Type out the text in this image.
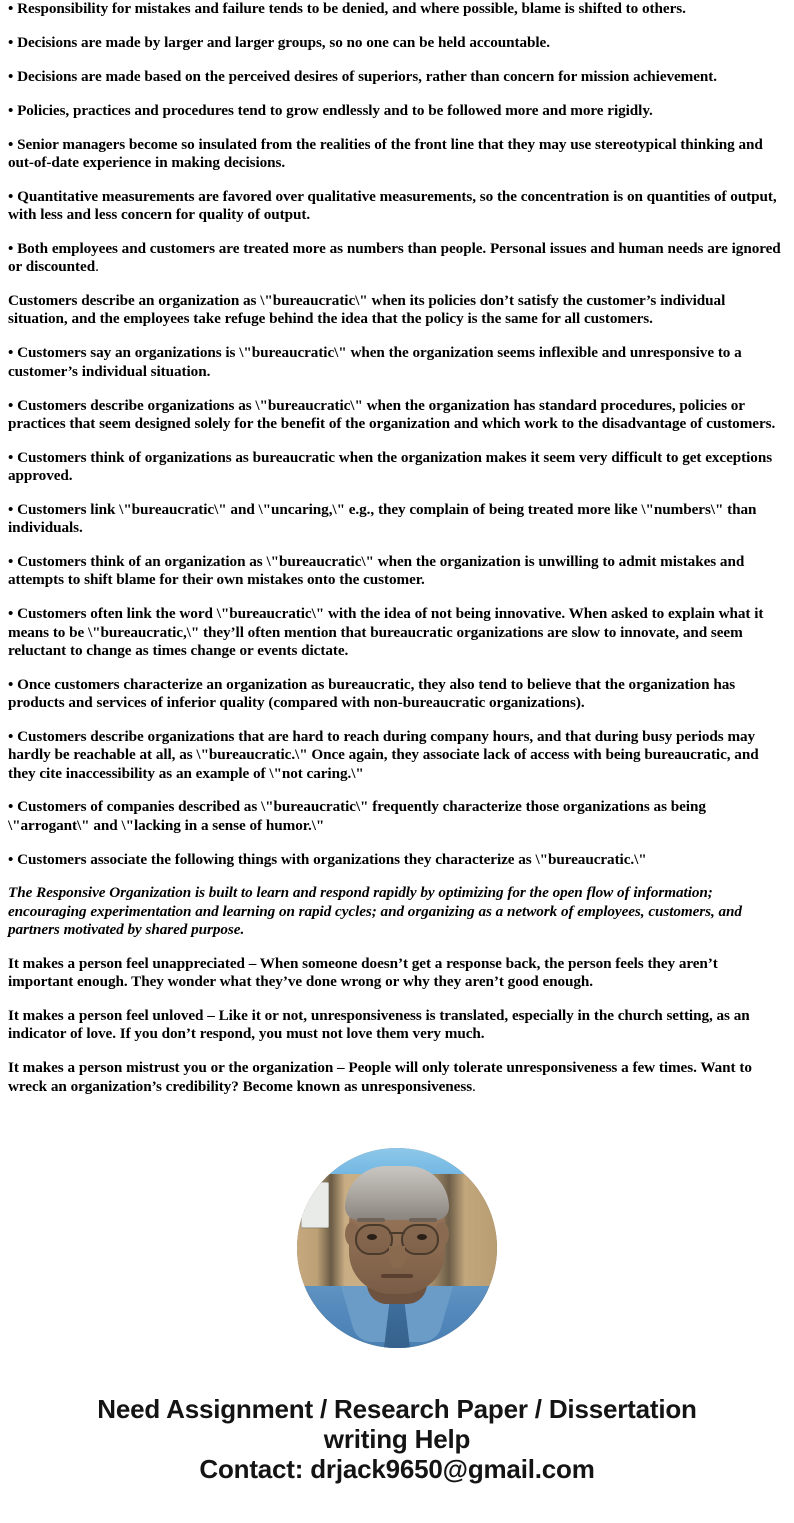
• Responsibility for mistakes and failure tends to be denied, and where possible, blame is shifted to others.

• Decisions are made by larger and larger groups, so no one can be held accountable.

• Decisions are made based on the perceived desires of superiors, rather than concern for mission achievement.

• Policies, practices and procedures tend to grow endlessly and to be followed more and more rigidly.

• Senior managers become so insulated from the realities of the front line that they may use stereotypical thinking and out-of-date experience in making decisions.

• Quantitative measurements are favored over qualitative measurements, so the concentration is on quantities of output, with less and less concern for quality of output.

• Both employees and customers are treated more as numbers than people. Personal issues and human needs are ignored or discounted.

Customers describe an organization as \"bureaucratic\" when its policies don’t satisfy the customer’s individual situation, and the employees take refuge behind the idea that the policy is the same for all customers.

• Customers say an organizations is \"bureaucratic\" when the organization seems inflexible and unresponsive to a customer’s individual situation.

• Customers describe organizations as \"bureaucratic\" when the organization has standard procedures, policies or practices that seem designed solely for the benefit of the organization and which work to the disadvantage of customers.

• Customers think of organizations as bureaucratic when the organization makes it seem very difficult to get exceptions approved.

• Customers link \"bureaucratic\" and \"uncaring,\" e.g., they complain of being treated more like \"numbers\" than individuals.

• Customers think of an organization as \"bureaucratic\" when the organization is unwilling to admit mistakes and attempts to shift blame for their own mistakes onto the customer.

• Customers often link the word \"bureaucratic\" with the idea of not being innovative. When asked to explain what it means to be \"bureaucratic,\" they’ll often mention that bureaucratic organizations are slow to innovate, and seem reluctant to change as times change or events dictate.

• Once customers characterize an organization as bureaucratic, they also tend to believe that the organization has products and services of inferior quality (compared with non-bureaucratic organizations).

• Customers describe organizations that are hard to reach during company hours, and that during busy periods may hardly be reachable at all, as \"bureaucratic.\" Once again, they associate lack of access with being bureaucratic, and they cite inaccessibility as an example of \"not caring.\"

• Customers of companies described as \"bureaucratic\" frequently characterize those organizations as being \"arrogant\" and \"lacking in a sense of humor.\"

• Customers associate the following things with organizations they characterize as \"bureaucratic.\"

The Responsive Organization is built to learn and respond rapidly by optimizing for the open flow of information; encouraging experimentation and learning on rapid cycles; and organizing as a network of employees, customers, and partners motivated by shared purpose.

It makes a person feel unappreciated – When someone doesn’t get a response back, the person feels they aren’t important enough. They wonder what they’ve done wrong or why they aren’t good enough.

It makes a person feel unloved – Like it or not, unresponsiveness is translated, especially in the church setting, as an indicator of love. If you don’t respond, you must not love them very much.

It makes a person mistrust you or the organization – People will only tolerate unresponsiveness a few times. Want to wreck an organization’s credibility? Become known as unresponsiveness.

Need Assignment / Research Paper / Dissertation
writing Help
Contact: drjack9650@gmail.com
